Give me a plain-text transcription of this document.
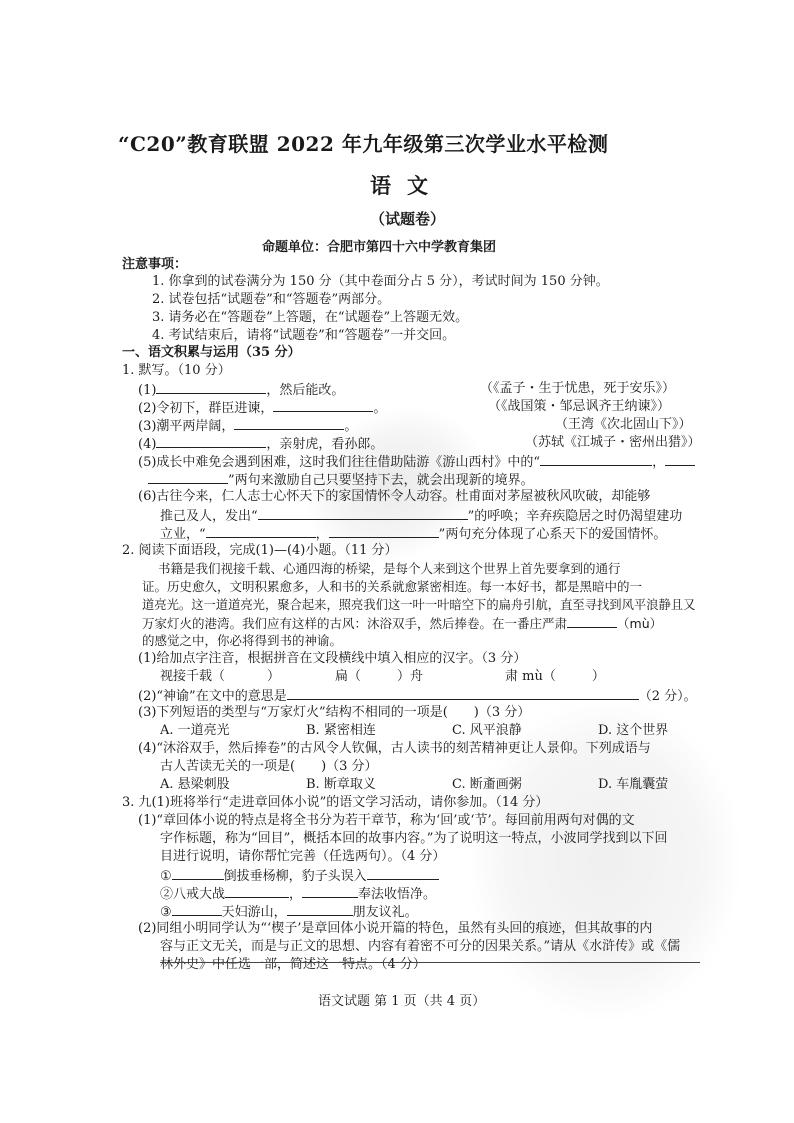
“C20”教育联盟 2022 年九年级第三次学业水平检测
语文
（试题卷）
命题单位：合肥市第四十六中学教育集团
注意事项：
1. 你拿到的试卷满分为 150 分（其中卷面分占 5 分），考试时间为 150 分钟。
2. 试卷包括“试题卷”和“答题卷”两部分。
3. 请务必在“答题卷”上答题，在“试题卷”上答题无效。
4. 考试结束后，请将“试题卷”和“答题卷”一并交回。
一、语文积累与运用（35 分）
1. 默写。（10 分）
(1)	，然后能改。	（《孟子・生于忧患，死于安乐》）
(2)令初下，群臣进谏，	。	（《战国策・邹忌讽齐王纳谏》）
(3)潮平两岸阔，	。	（王湾《次北固山下》）
(4)	，亲射虎，看孙郎。	（苏轼《江城子・密州出猎》）
(5)成长中难免会遇到困难，这时我们往往借助陆游《游山西村》中的“	，
”两句来激励自己只要坚持下去，就会出现新的境界。
(6)古往今来，仁人志士心怀天下的家国情怀令人动容。杜甫面对茅屋被秋风吹破，却能够
推己及人，发出“	”的呼唤；辛弃疾隐居之时仍渴望建功
立业，“	，	”两句充分体现了心系天下的爱国情怀。
2. 阅读下面语段，完成(1)—(4)小题。（11 分）
书籍是我们视接千载、心通四海的桥梁，是每个人来到这个世界上首先要拿到的通行
证。历史愈久，文明积累愈多，人和书的关系就愈紧密相连。每一本好书，都是黑暗中的一
道亮光。这一道道亮光，聚合起来，照亮我们这一叶一叶暗空下的扁舟引航，直至寻找到风平浪静且又
万家灯火的港湾。我们应有这样的古风：沐浴双手，然后捧卷。在一番庄严肃	（mù）
的感觉之中，你必将得到书的神谕。
(1)给加点字注音，根据拼音在文段横线中填入相应的汉字。（3 分）
视接千载（	）	扁（	）舟	肃 mù（	）
(2)“神谕”在文中的意思是	（2 分）。
(3)下列短语的类型与“万家灯火”结构不相同的一项是(　　)（3 分）
A. 一道亮光	B. 紧密相连	C. 风平浪静	D. 这个世界
(4)“沐浴双手，然后捧卷”的古风令人钦佩，古人读书的刻苦精神更让人景仰。下列成语与
古人苦读无关的一项是(　　)（3 分）
A. 悬梁刺股	B. 断章取义	C. 断齑画粥	D. 车胤囊萤
3. 九(1)班将举行“走进章回体小说”的语文学习活动，请你参加。（14 分）
(1)“章回体小说的特点是将全书分为若干章节，称为‘回’或‘节’。每回前用两句对偶的文
字作标题，称为“回目”，概括本回的故事内容。”为了说明这一特点，小波同学找到以下回
目进行说明，请你帮忙完善（任选两句）。（4 分）
①	倒拔垂杨柳，豹子头误入
②八戒大战	，	奉法收悟净。
③	天妇游山，	朋友议礼。
(2)同组小明同学认为“‘楔子’是章回体小说开篇的特色，虽然有头回的痕迹，但其故事的内
容与正文无关，而是与正文的思想、内容有着密不可分的因果关系。”请从《水浒传》或《儒
林外史》中任选一部，简述这一特点。（4 分）
语文试题 第 1 页（共 4 页）
